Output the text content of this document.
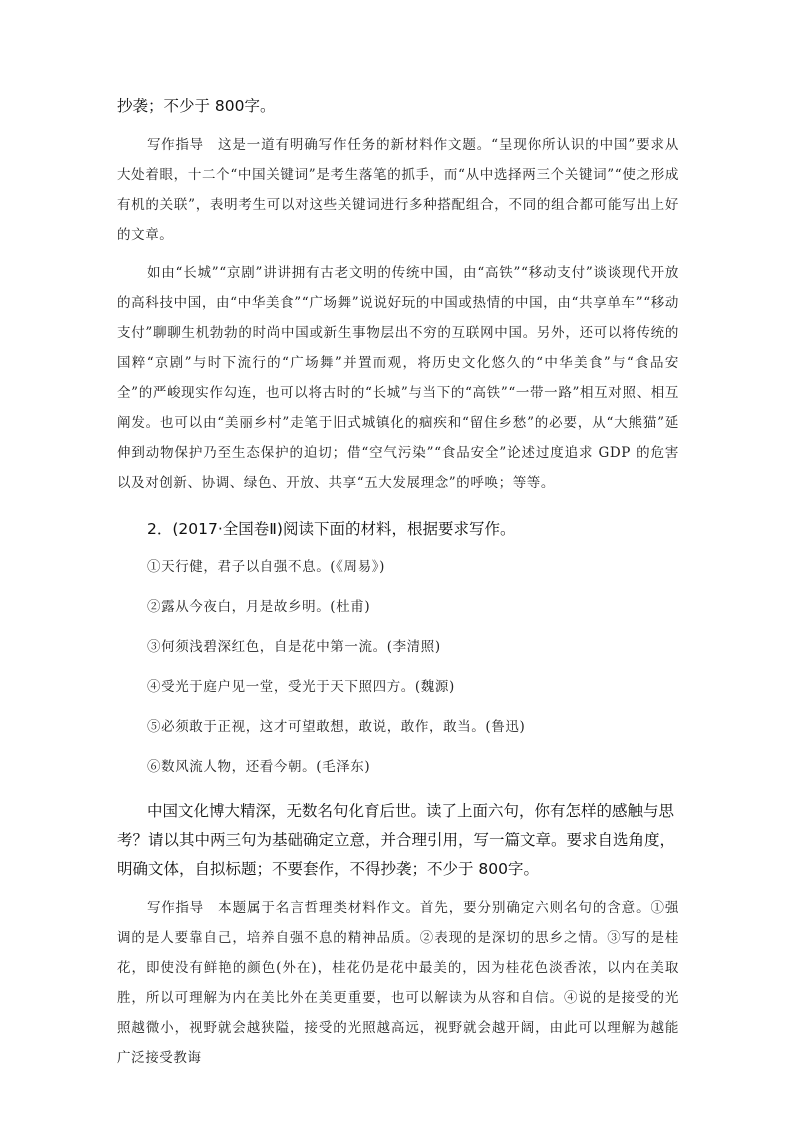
抄袭；不少于 800字。

写作指导 这是一道有明确写作任务的新材料作文题。“呈现你所认识的中国”要求从大处着眼，十二个“中国关键词”是考生落笔的抓手，而“从中选择两三个关键词”“使之形成有机的关联”，表明考生可以对这些关键词进行多种搭配组合，不同的组合都可能写出上好的文章。

如由“长城”“京剧”讲讲拥有古老文明的传统中国，由“高铁”“移动支付”谈谈现代开放的高科技中国，由“中华美食”“广场舞”说说好玩的中国或热情的中国，由“共享单车”“移动支付”聊聊生机勃勃的时尚中国或新生事物层出不穷的互联网中国。另外，还可以将传统的国粹“京剧”与时下流行的“广场舞”并置而观，将历史文化悠久的“中华美食”与“食品安全”的严峻现实作勾连，也可以将古时的“长城”与当下的“高铁”“一带一路”相互对照、相互阐发。也可以由“美丽乡村”走笔于旧式城镇化的痼疾和“留住乡愁”的必要，从“大熊猫”延伸到动物保护乃至生态保护的迫切；借“空气污染”“食品安全”论述过度追求 GDP 的危害以及对创新、协调、绿色、开放、共享“五大发展理念”的呼唤；等等。

2．(2017·全国卷Ⅱ)阅读下面的材料，根据要求写作。

①天行健，君子以自强不息。(《周易》)

②露从今夜白，月是故乡明。(杜甫)

③何须浅碧深红色，自是花中第一流。(李清照)

④受光于庭户见一堂，受光于天下照四方。(魏源)

⑤必须敢于正视，这才可望敢想，敢说，敢作，敢当。(鲁迅)

⑥数风流人物，还看今朝。(毛泽东)

中国文化博大精深，无数名句化育后世。读了上面六句，你有怎样的感触与思考？请以其中两三句为基础确定立意，并合理引用，写一篇文章。要求自选角度，明确文体，自拟标题；不要套作，不得抄袭；不少于 800字。

写作指导 本题属于名言哲理类材料作文。首先，要分别确定六则名句的含意。①强调的是人要靠自己，培养自强不息的精神品质。②表现的是深切的思乡之情。③写的是桂花，即使没有鲜艳的颜色(外在)，桂花仍是花中最美的，因为桂花色淡香浓，以内在美取胜，所以可理解为内在美比外在美更重要，也可以解读为从容和自信。④说的是接受的光照越微小，视野就会越狭隘，接受的光照越高远，视野就会越开阔，由此可以理解为越能广泛接受教诲
